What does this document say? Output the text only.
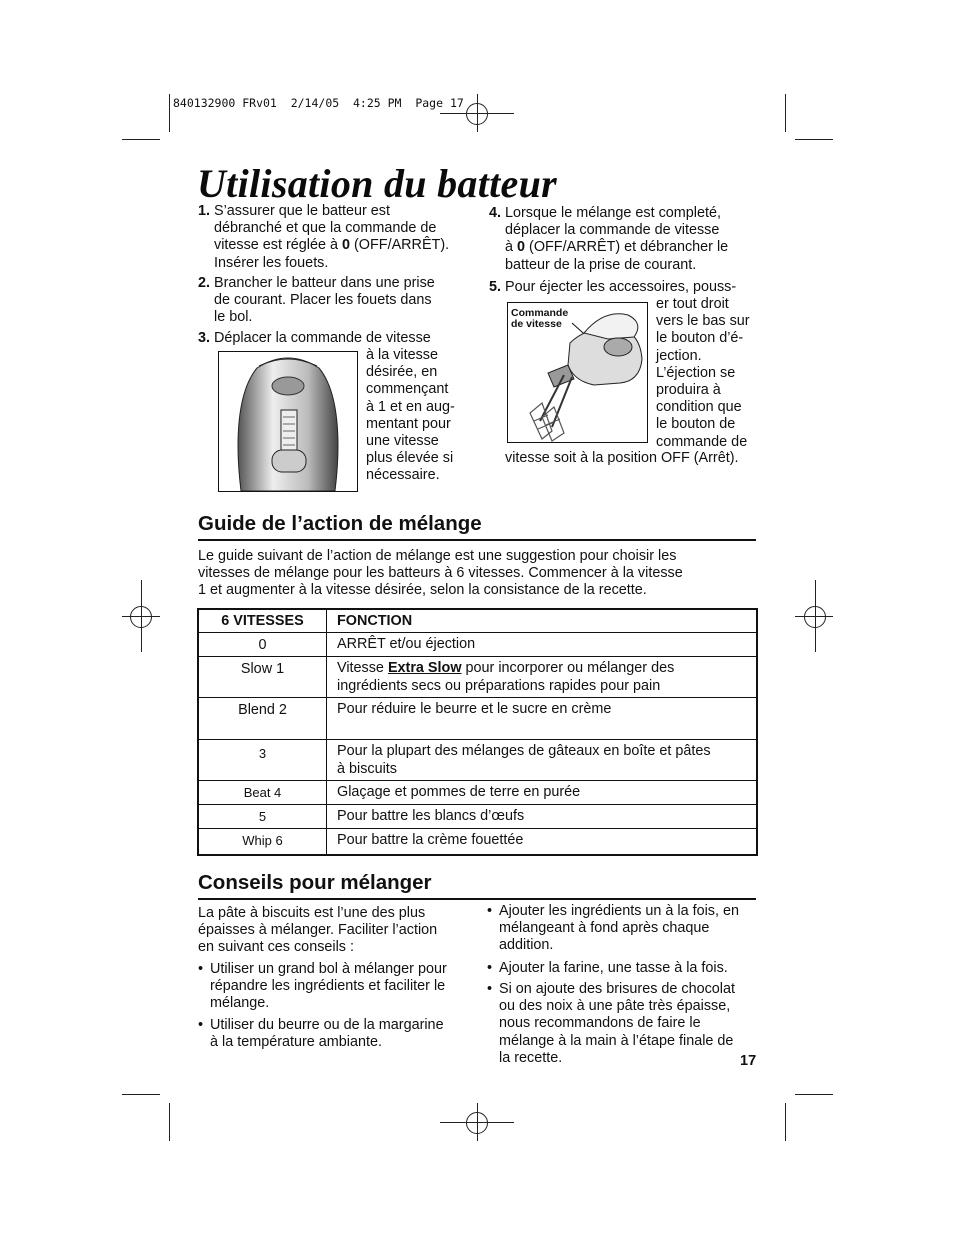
840132900 FRv01  2/14/05  4:25 PM  Page 17
Utilisation du batteur
1. S’assurer que le batteur est
débranché et que la commande de
vitesse est réglée à 0 (OFF/ARRÊT).
Insérer les fouets.
2. Brancher le batteur dans une prise
de courant. Placer les fouets dans
le bol.
3. Déplacer la commande de vitesse
à la vitesse
désirée, en
commençant
à 1 et en aug-
mentant pour
une vitesse
plus élevée si
nécessaire.
4. Lorsque le mélange est completé,
déplacer la commande de vitesse
à 0 (OFF/ARRÊT) et débrancher le
batteur de la prise de courant.
5. Pour éjecter les accessoires, pouss-
er tout droit
vers le bas sur
le bouton d’é-
jection.
L’éjection se
produira à
condition que
le bouton de
commande de
vitesse soit à la position OFF (Arrêt).
Commande
de vitesse
Guide de l’action de mélange
Le guide suivant de l’action de mélange est une suggestion pour choisir les
vitesses de mélange pour les batteurs à 6 vitesses. Commencer à la vitesse
1 et augmenter à la vitesse désirée, selon la consistance de la recette.
6 VITESSES	FONCTION
0	ARRÊT et/ou éjection
Slow 1	Vitesse Extra Slow pour incorporer ou mélanger des
ingrédients secs ou préparations rapides pour pain

Blend 2	Pour réduire le beurre et le sucre en crème
3	Pour la plupart des mélanges de gâteaux en boîte et pâtes
à biscuits

Beat 4	Glaçage et pommes de terre en purée
5	Pour battre les blancs d’œufs
Whip 6	Pour battre la crème fouettée
Conseils pour mélanger
La pâte à biscuits est l’une des plus
épaisses à mélanger. Faciliter l’action
en suivant ces conseils :
• Utiliser un grand bol à mélanger pour
répandre les ingrédients et faciliter le
mélange.
• Utiliser du beurre ou de la margarine
à la température ambiante.
• Ajouter les ingrédients un à la fois, en
mélangeant à fond après chaque
addition.
• Ajouter la farine, une tasse à la fois.
• Si on ajoute des brisures de chocolat
ou des noix à une pâte très épaisse,
nous recommandons de faire le
mélange à la main à l’étape finale de
la recette.	17
